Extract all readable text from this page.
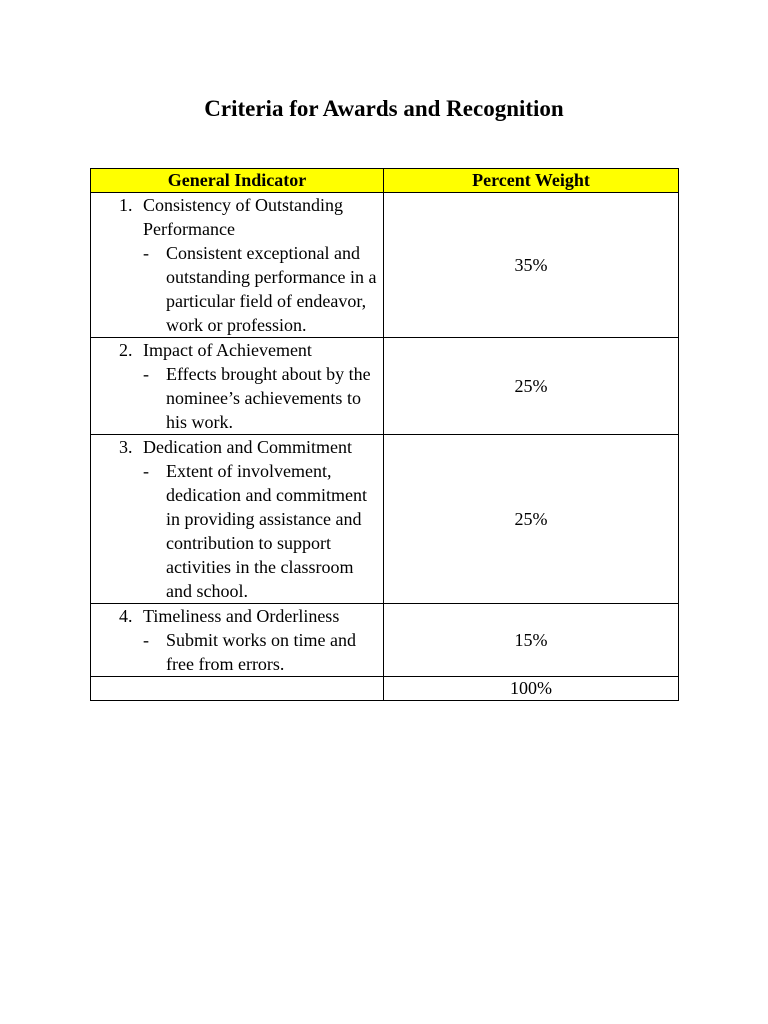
Criteria for Awards and Recognition
General Indicator	Percent Weight

1. Consistency of Outstanding Performance
- Consistent exceptional and outstanding performance in a particular field of endeavor, work or profession.	35%

2. Impact of Achievement
- Effects brought about by the nominee’s achievements to his work.	25%

3. Dedication and Commitment
- Extent of involvement, dedication and commitment in providing assistance and contribution to support activities in the classroom and school.	25%

4. Timeliness and Orderliness
- Submit works on time and free from errors.	15%
	100%
